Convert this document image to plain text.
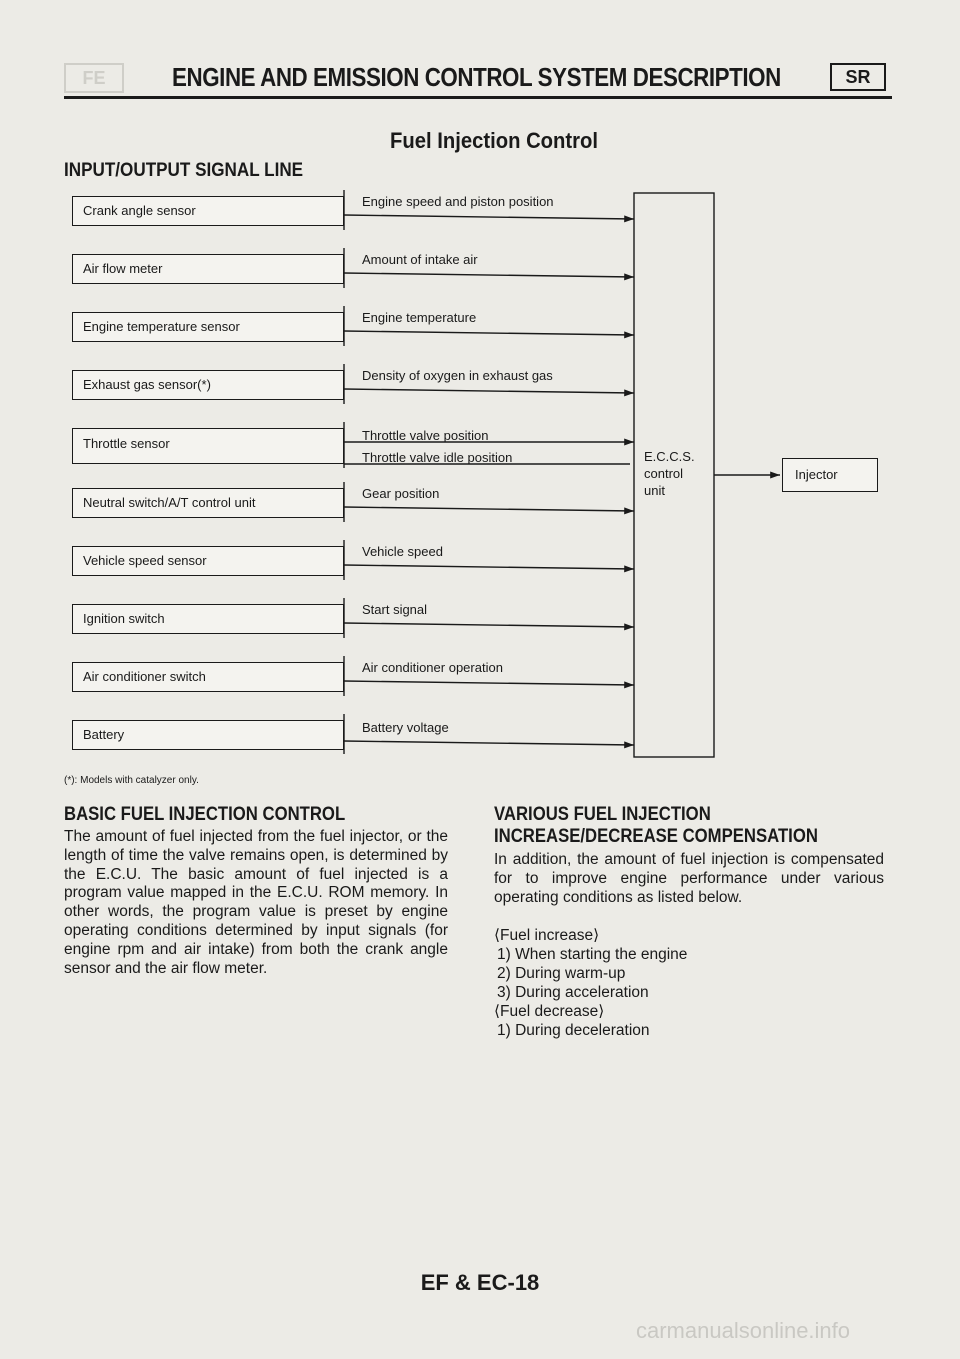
FE	ENGINE AND EMISSION CONTROL SYSTEM DESCRIPTION	SR
Fuel Injection Control
INPUT/OUTPUT SIGNAL LINE
Crank angle sensor
Air flow meter
Engine temperature sensor
Exhaust gas sensor(*)
Throttle sensor
Neutral switch/A/T control unit
Vehicle speed sensor
Ignition switch
Air conditioner switch
Battery
Engine speed and piston position
Amount of intake air
Engine temperature
Density of oxygen in exhaust gas
Throttle valve position
Throttle valve idle position
Gear position
Vehicle speed
Start signal
Air conditioner operation
Battery voltage
E.C.C.S.
control
unit
Injector
(*): Models with catalyzer only.
BASIC FUEL INJECTION CONTROL
The amount of fuel injected from the fuel injector, or the length of time the valve remains open, is determined by the E.C.U. The basic amount of fuel injected is a program value mapped in the E.C.U. ROM memory. In other words, the program value is preset by engine operating conditions determined by input signals (for engine rpm and air intake) from both the crank angle sensor and the air flow meter.
VARIOUS FUEL INJECTION
INCREASE/DECREASE COMPENSATION
In addition, the amount of fuel injection is compensated for to improve engine performance under various operating conditions as listed below.
⟨Fuel increase⟩
1) When starting the engine
2) During warm-up
3) During acceleration
⟨Fuel decrease⟩
1) During deceleration
EF & EC-18
carmanualsonline.info
